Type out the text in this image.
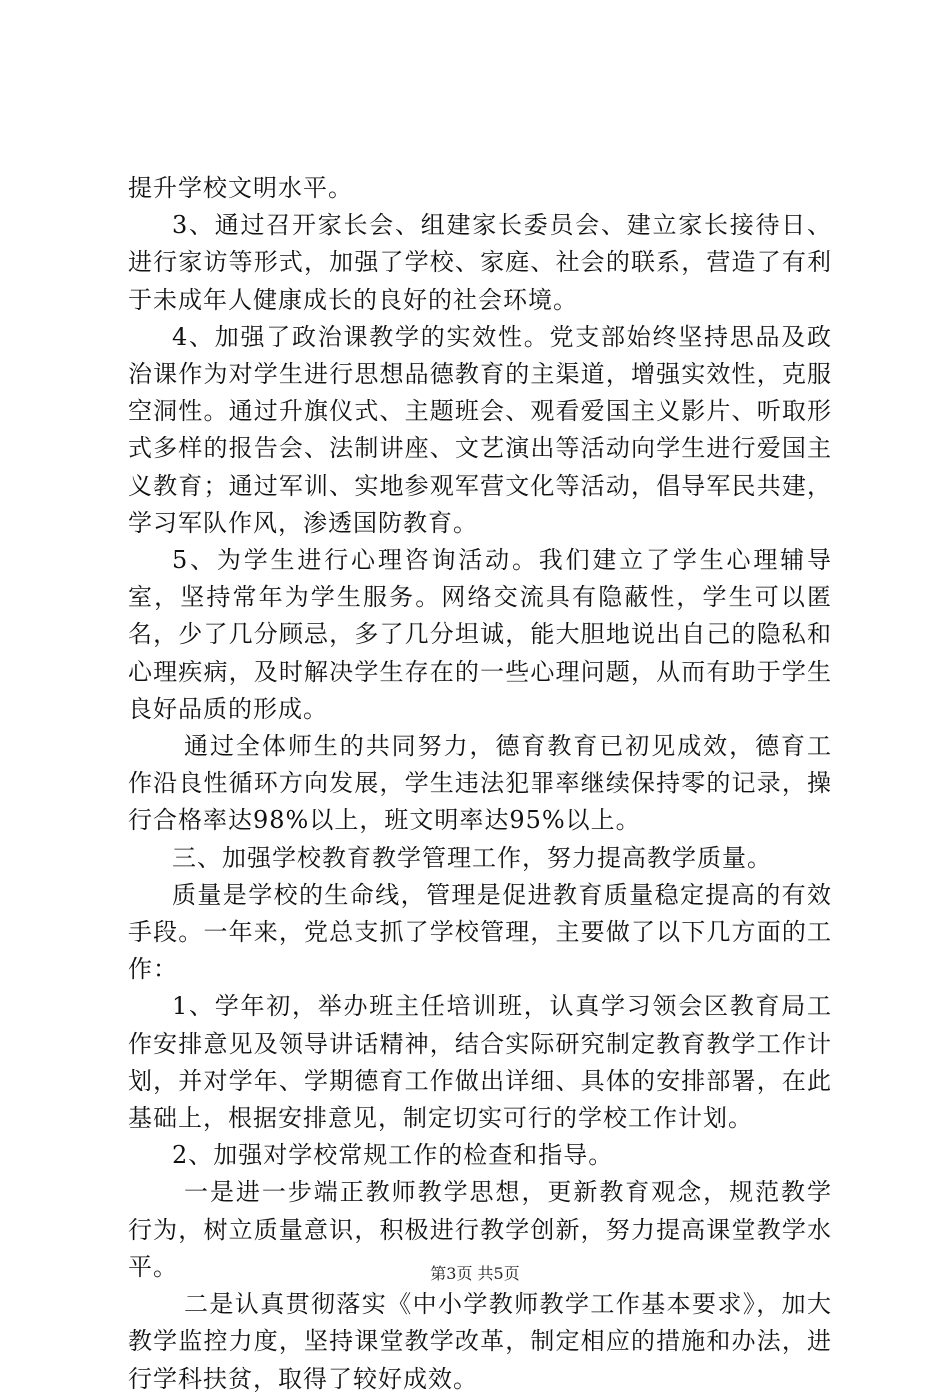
提升学校文明水平。

3、通过召开家长会、组建家长委员会、建立家长接待日、进行家访等形式，加强了学校、家庭、社会的联系，营造了有利于未成年人健康成长的良好的社会环境。

4、加强了政治课教学的实效性。党支部始终坚持思品及政治课作为对学生进行思想品德教育的主渠道，增强实效性，克服空洞性。通过升旗仪式、主题班会、观看爱国主义影片、听取形式多样的报告会、法制讲座、文艺演出等活动向学生进行爱国主义教育；通过军训、实地参观军营文化等活动，倡导军民共建，学习军队作风，渗透国防教育。

5、为学生进行心理咨询活动。我们建立了学生心理辅导室，坚持常年为学生服务。网络交流具有隐蔽性，学生可以匿名，少了几分顾忌，多了几分坦诚，能大胆地说出自己的隐私和心理疾病，及时解决学生存在的一些心理问题，从而有助于学生良好品质的形成。

通过全体师生的共同努力，德育教育已初见成效，德育工作沿良性循环方向发展，学生违法犯罪率继续保持零的记录，操行合格率达98%以上，班文明率达95%以上。

三、加强学校教育教学管理工作，努力提高教学质量。

质量是学校的生命线，管理是促进教育质量稳定提高的有效手段。一年来，党总支抓了学校管理，主要做了以下几方面的工作：

1、学年初，举办班主任培训班，认真学习领会区教育局工作安排意见及领导讲话精神，结合实际研究制定教育教学工作计划，并对学年、学期德育工作做出详细、具体的安排部署，在此基础上，根据安排意见，制定切实可行的学校工作计划。

2、加强对学校常规工作的检查和指导。

一是进一步端正教师教学思想，更新教育观念，规范教学行为，树立质量意识，积极进行教学创新，努力提高课堂教学水平。

二是认真贯彻落实《中小学教师教学工作基本要求》，加大教学监控力度，坚持课堂教学改革，制定相应的措施和办法，进行学科扶贫，取得了较好成效。

第3页 共5页
